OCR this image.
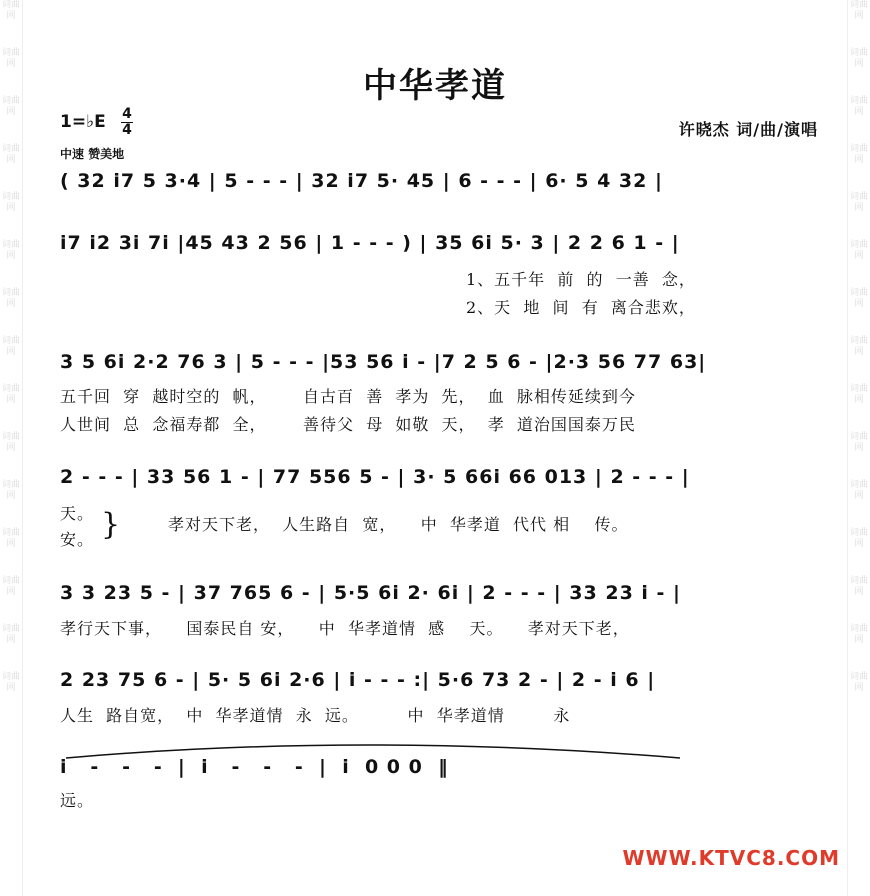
词曲网
词曲网
词曲网
词曲网
词曲网
词曲网
词曲网
词曲网
词曲网
词曲网
词曲网
词曲网
词曲网
词曲网
词曲网
词曲网
词曲网
词曲网
词曲网
词曲网
词曲网
词曲网
词曲网
词曲网
词曲网
词曲网
词曲网
词曲网
词曲网
词曲网
中华孝道
1=♭E 4
4
中速 赞美地
许晓杰 词/曲/演唱
( 32 i7 5 3·4 | 5 - - - | 32 i7 5· 45 | 6 - - - | 6· 5 4 32 |
i7 i2 3i 7i |45 43 2 56 | 1 - - - ) | 35 6i 5· 3 | 2 2 6 1 - |
1、五千年  前  的  一善  念，
2、天  地  间  有  离合悲欢，
3 5 6i 2·2 76 3 | 5 - - - |53 56 i - |7 2 5 6 - |2·3 56 77 63|
五千回  穿  越时空的  帆，      自古百  善  孝为  先，  血  脉相传延续到今
人世间  总  念福寿都  全，      善待父  母  如敬  天，  孝  道治国国泰万民
2 - - - | 33 56 1 - | 77 556 5 - | 3· 5 66i 66 013 | 2 - - - |
天。
安。 }	孝对天下老，  人生路自  宽，    中  华孝道  代代 相    传。
3 3 23 5 - | 37 765 6 - | 5·5 6i 2· 6i | 2 - - - | 33 23 i - |
孝行天下事，    国泰民自 安，    中  华孝道情  感    天。    孝对天下老，
2 23 75 6 - | 5· 5 6i 2·6 | i - - - :| 5·6 73 2 - | 2 - i 6 |
人生  路自宽，  中  华孝道情  永  远。        中  华孝道情        永
i   -   -   -  |  i   -   -   -  |  i  0 0 0  ‖
远。
WWW.KTVC8.COM
